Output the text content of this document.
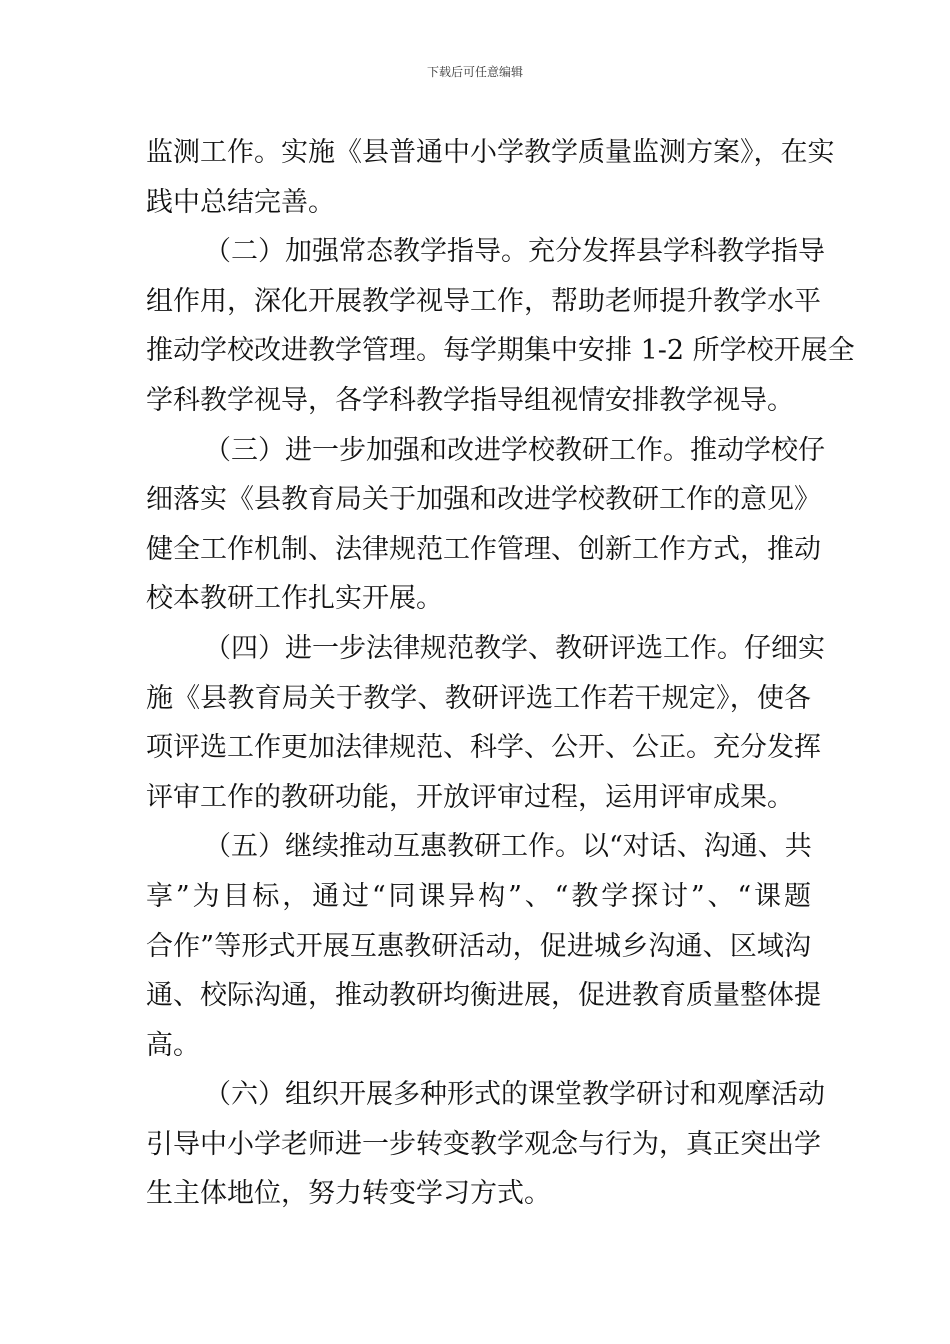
下载后可任意编辑
监测工作。实施《县普通中小学教学质量监测方案》，在实
践中总结完善。
（二）加强常态教学指导。充分发挥县学科教学指导
组作用，深化开展教学视导工作，帮助老师提升教学水平
推动学校改进教学管理。每学期集中安排 1-2 所学校开展全
学科教学视导，各学科教学指导组视情安排教学视导。
（三）进一步加强和改进学校教研工作。推动学校仔
细落实《县教育局关于加强和改进学校教研工作的意见》
健全工作机制、法律规范工作管理、创新工作方式，推动
校本教研工作扎实开展。
（四）进一步法律规范教学、教研评选工作。仔细实
施《县教育局关于教学、教研评选工作若干规定》，使各
项评选工作更加法律规范、科学、公开、公正。充分发挥
评审工作的教研功能，开放评审过程，运用评审成果。
（五）继续推动互惠教研工作。以“对话、沟通、共
享”为目标，通过“同课异构”、“教学探讨”、“课题
合作”等形式开展互惠教研活动，促进城乡沟通、区域沟
通、校际沟通，推动教研均衡进展，促进教育质量整体提
高。
（六）组织开展多种形式的课堂教学研讨和观摩活动
引导中小学老师进一步转变教学观念与行为，真正突出学
生主体地位，努力转变学习方式。
